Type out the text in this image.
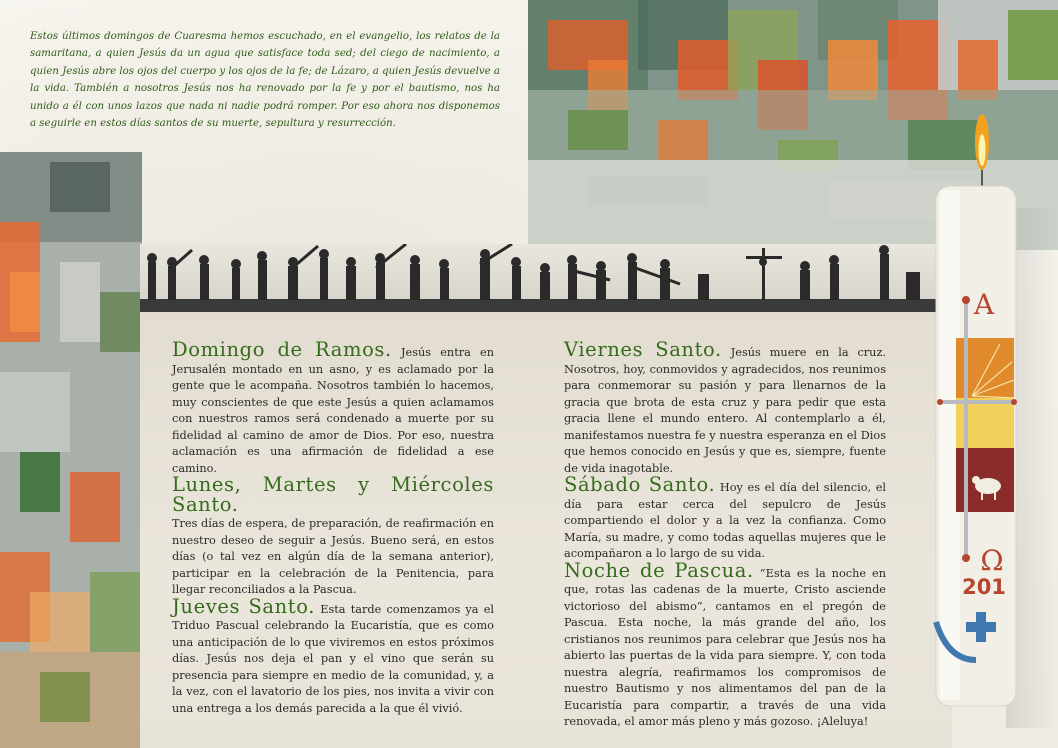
Estos últimos domingos de Cuaresma hemos escuchado, en el evangelio, los relatos de la samaritana, a quien Jesús da un agua que satisface toda sed; del ciego de nacimiento, a quien Jesús abre los ojos del cuerpo y los ojos de la fe; de Lázaro, a quien Jesús devuelve a la vida. También a nosotros Jesús nos ha renovado por la fe y por el bautismo, nos ha unido a él con unos lazos que nada ni nadie podrá romper. Por eso ahora nos disponemos a seguirle en estos días santos de su muerte, sepultura y resurrección.

Domingo de Ramos. Jesús entra en Jerusalén montado en un asno, y es aclamado por la gente que le acompaña. Nosotros también lo hacemos, muy conscientes de que este Jesús a quien aclamamos con nuestros ramos será condenado a muerte por su fidelidad al camino de amor de Dios. Por eso, nuestra aclamación es una afirmación de fidelidad a ese camino.

Lunes, Martes y Miércoles Santo.
Tres días de espera, de preparación, de reafirmación en nuestro deseo de seguir a Jesús. Bueno será, en estos días (o tal vez en algún día de la semana anterior), participar en la celebración de la Penitencia, para llegar reconciliados a la Pascua.

Jueves Santo. Esta tarde comenzamos ya el Triduo Pascual celebrando la Eucaristía, que es como una anticipación de lo que viviremos en estos próximos días. Jesús nos deja el pan y el vino que serán su presencia para siempre en medio de la comunidad, y, a la vez, con el lavatorio de los pies, nos invita a vivir con una entrega a los demás parecida a la que él vivió.

Viernes Santo. Jesús muere en la cruz. Nosotros, hoy, conmovidos y agradecidos, nos reunimos para conmemorar su pasión y para llenarnos de la gracia que brota de esta cruz y para pedir que esta gracia llene el mundo entero. Al contemplarlo a él, manifestamos nuestra fe y nuestra esperanza en el Dios que hemos conocido en Jesús y que es, siempre, fuente de vida inagotable.

Sábado Santo. Hoy es el día del silencio, el día para estar cerca del sepulcro de Jesús compartiendo el dolor y a la vez la confianza. Como María, su madre, y como todas aquellas mujeres que le acompañaron a lo largo de su vida.

Noche de Pascua. “Esta es la noche en que, rotas las cadenas de la muerte, Cristo asciende victorioso del abismo”, cantamos en el pregón de Pascua. Esta noche, la más grande del año, los cristianos nos reunimos para celebrar que Jesús nos ha abierto las puertas de la vida para siempre. Y, con toda nuestra alegría, reafirmamos los compromisos de nuestro Bautismo y nos alimentamos del pan de la Eucaristía para compartir, a través de una vida renovada, el amor más pleno y más gozoso. ¡Aleluya!

A
Ω
201
